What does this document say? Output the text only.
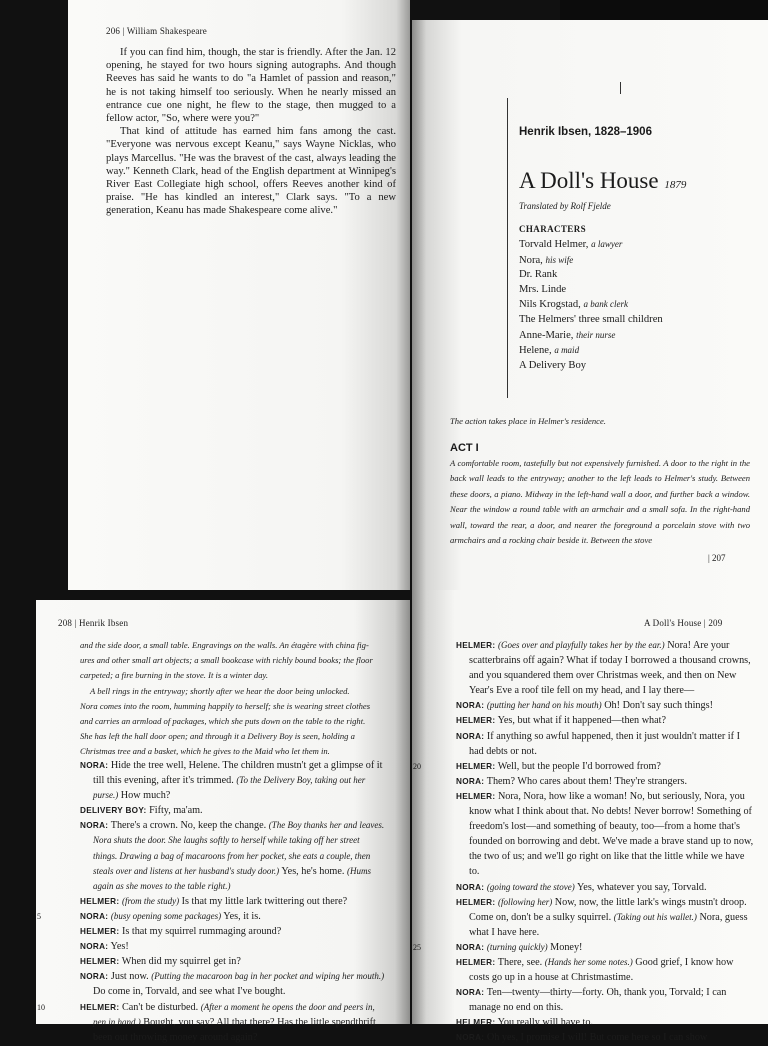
206 | William Shakespeare

If you can find him, though, the star is friendly. After the Jan. 12 opening, he stayed for two hours signing autographs. And though Reeves has said he wants to do "a Hamlet of passion and reason," he is not taking himself too seriously. When he nearly missed an entrance cue one night, he flew to the stage, then mugged to a fellow actor, "So, where were you?"

That kind of attitude has earned him fans among the cast. "Everyone was nervous except Keanu," says Wayne Nicklas, who plays Marcellus. "He was the bravest of the cast, always leading the way." Kenneth Clark, head of the English department at Winnipeg's River East Collegiate high school, offers Reeves another kind of praise. "He has kindled an interest," Clark says. "To a new generation, Keanu has made Shakespeare come alive."

Henrik Ibsen, 1828–1906
A Doll's House 1879
Translated by Rolf Fjelde
CHARACTERS
Torvald Helmer, a lawyer
Nora, his wife
Dr. Rank
Mrs. Linde
Nils Krogstad, a bank clerk
The Helmers' three small children
Anne-Marie, their nurse
Helene, a maid
A Delivery Boy
The action takes place in Helmer's residence.
ACT I
A comfortable room, tastefully but not expensively furnished. A door to the right in the back wall leads to the entryway; another to the left leads to Helmer's study. Between these doors, a piano. Midway in the left-hand wall a door, and further back a window. Near the window a round table with an armchair and a small sofa. In the right-hand wall, toward the rear, a door, and nearer the foreground a porcelain stove with two armchairs and a rocking chair beside it. Between the stove
| 207
208 | Henrik Ibsen
and the side door, a small table. Engravings on the walls. An étagère with china fig-
ures and other small art objects; a small bookcase with richly bound books; the floor
carpeted; a fire burning in the stove. It is a winter day.
A bell rings in the entryway; shortly after we hear the door being unlocked.
Nora comes into the room, humming happily to herself; she is wearing street clothes
and carries an armload of packages, which she puts down on the table to the right.
She has left the hall door open; and through it a Delivery Boy is seen, holding a
Christmas tree and a basket, which he gives to the Maid who let them in.
NORA: Hide the tree well, Helene. The children mustn't get a glimpse of it till this evening, after it's trimmed. (To the Delivery Boy, taking out her purse.) How much?
DELIVERY BOY: Fifty, ma'am.
NORA: There's a crown. No, keep the change. (The Boy thanks her and leaves. Nora shuts the door. She laughs softly to herself while taking off her street things. Drawing a bag of macaroons from her pocket, she eats a couple, then steals over and listens at her husband's study door.) Yes, he's home. (Hums again as she moves to the table right.)
HELMER: (from the study) Is that my little lark twittering out there?
5	NORA: (busy opening some packages) Yes, it is.
HELMER: Is that my squirrel rummaging around?
NORA: Yes!
HELMER: When did my squirrel get in?
NORA: Just now. (Putting the macaroon bag in her pocket and wiping her mouth.) Do come in, Torvald, and see what I've bought.
10	HELMER: Can't be disturbed. (After a moment he opens the door and peers in, pen in hand.) Bought, you say? All that there? Has the little spendthrift been out throwing money around again?
A Doll's House | 209
HELMER: (Goes over and playfully takes her by the ear.) Nora! Are your scatterbrains off again? What if today I borrowed a thousand crowns, and you squandered them over Christmas week, and then on New Year's Eve a roof tile fell on my head, and I lay there—
NORA: (putting her hand on his mouth) Oh! Don't say such things!
HELMER: Yes, but what if it happened—then what?
NORA: If anything so awful happened, then it just wouldn't matter if I had debts or not.
20	HELMER: Well, but the people I'd borrowed from?
NORA: Them? Who cares about them! They're strangers.
HELMER: Nora, Nora, how like a woman! No, but seriously, Nora, you know what I think about that. No debts! Never borrow! Something of freedom's lost—and something of beauty, too—from a home that's founded on borrowing and debt. We've made a brave stand up to now, the two of us; and we'll go right on like that the little while we have to.
NORA: (going toward the stove) Yes, whatever you say, Torvald.
HELMER: (following her) Now, now, the little lark's wings mustn't droop. Come on, don't be a sulky squirrel. (Taking out his wallet.) Nora, guess what I have here.
25	NORA: (turning quickly) Money!
HELMER: There, see. (Hands her some notes.) Good grief, I know how costs go up in a house at Christmastime.
NORA: Ten—twenty—thirty—forty. Oh, thank you, Torvald; I can manage no end on this.
HELMER: You really will have to.
NORA: Oh yes, I promise I will! But come here so I can show
